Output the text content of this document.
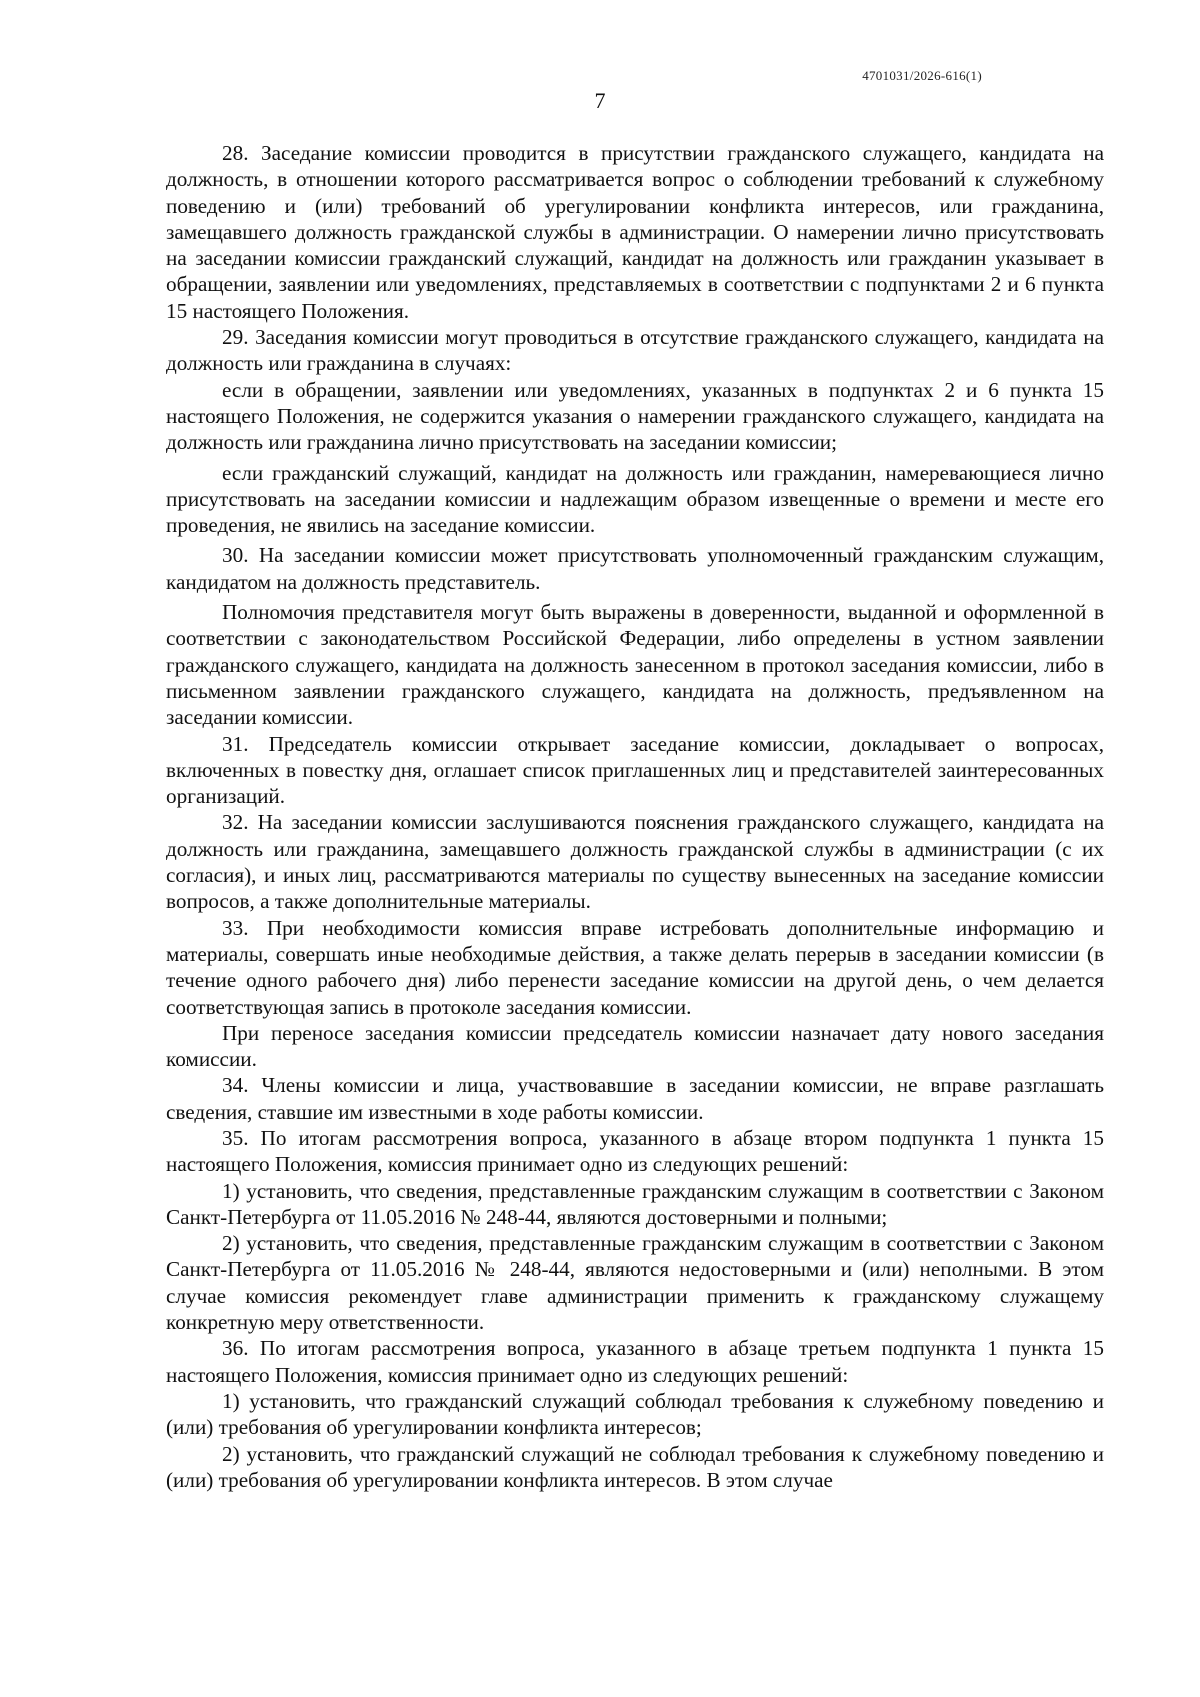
4701031/2026-616(1)
7

28. Заседание комиссии проводится в присутствии гражданского служащего, кандидата на должность, в отношении которого рассматривается вопрос о соблюдении требований к служебному поведению и (или) требований об урегулировании конфликта интересов, или гражданина, замещавшего должность гражданской службы в администрации. О намерении лично присутствовать на заседании комиссии гражданский служащий, кандидат на должность или гражданин указывает в обращении, заявлении или уведомлениях, представляемых в соответствии с подпунктами 2 и 6 пункта 15 настоящего Положения.

29. Заседания комиссии могут проводиться в отсутствие гражданского служащего, кандидата на должность или гражданина в случаях:

если в обращении, заявлении или уведомлениях, указанных в подпунктах 2 и 6 пункта 15 настоящего Положения, не содержится указания о намерении гражданского служащего, кандидата на должность или гражданина лично присутствовать на заседании комиссии;

если гражданский служащий, кандидат на должность или гражданин, намеревающиеся лично присутствовать на заседании комиссии и надлежащим образом извещенные о времени и месте его проведения, не явились на заседание комиссии.

30. На заседании комиссии может присутствовать уполномоченный гражданским служащим, кандидатом на должность представитель.

Полномочия представителя могут быть выражены в доверенности, выданной и оформленной в соответствии с законодательством Российской Федерации, либо определены в устном заявлении гражданского служащего, кандидата на должность занесенном в протокол заседания комиссии, либо в письменном заявлении гражданского служащего, кандидата на должность, предъявленном на заседании комиссии.

31. Председатель комиссии открывает заседание комиссии, докладывает о вопросах, включенных в повестку дня, оглашает список приглашенных лиц и представителей заинтересованных организаций.

32. На заседании комиссии заслушиваются пояснения гражданского служащего, кандидата на должность или гражданина, замещавшего должность гражданской службы в администрации (с их согласия), и иных лиц, рассматриваются материалы по существу вынесенных на заседание комиссии вопросов, а также дополнительные материалы.

33. При необходимости комиссия вправе истребовать дополнительные информацию и материалы, совершать иные необходимые действия, а также делать перерыв в заседании комиссии (в течение одного рабочего дня) либо перенести заседание комиссии на другой день, о чем делается соответствующая запись в протоколе заседания комиссии.

При переносе заседания комиссии председатель комиссии назначает дату нового заседания комиссии.

34. Члены комиссии и лица, участвовавшие в заседании комиссии, не вправе разглашать сведения, ставшие им известными в ходе работы комиссии.

35. По итогам рассмотрения вопроса, указанного в абзаце втором подпункта 1 пункта 15 настоящего Положения, комиссия принимает одно из следующих решений:

1) установить, что сведения, представленные гражданским служащим в соответствии с Законом Санкт-Петербурга от 11.05.2016 № 248-44, являются достоверными и полными;

2) установить, что сведения, представленные гражданским служащим в соответствии с Законом Санкт-Петербурга от 11.05.2016 № 248-44, являются недостоверными и (или) неполными. В этом случае комиссия рекомендует главе администрации применить к гражданскому служащему конкретную меру ответственности.

36. По итогам рассмотрения вопроса, указанного в абзаце третьем подпункта 1 пункта 15 настоящего Положения, комиссия принимает одно из следующих решений:

1) установить, что гражданский служащий соблюдал требования к служебному поведению и (или) требования об урегулировании конфликта интересов;

2) установить, что гражданский служащий не соблюдал требования к служебному поведению и (или) требования об урегулировании конфликта интересов. В этом случае
